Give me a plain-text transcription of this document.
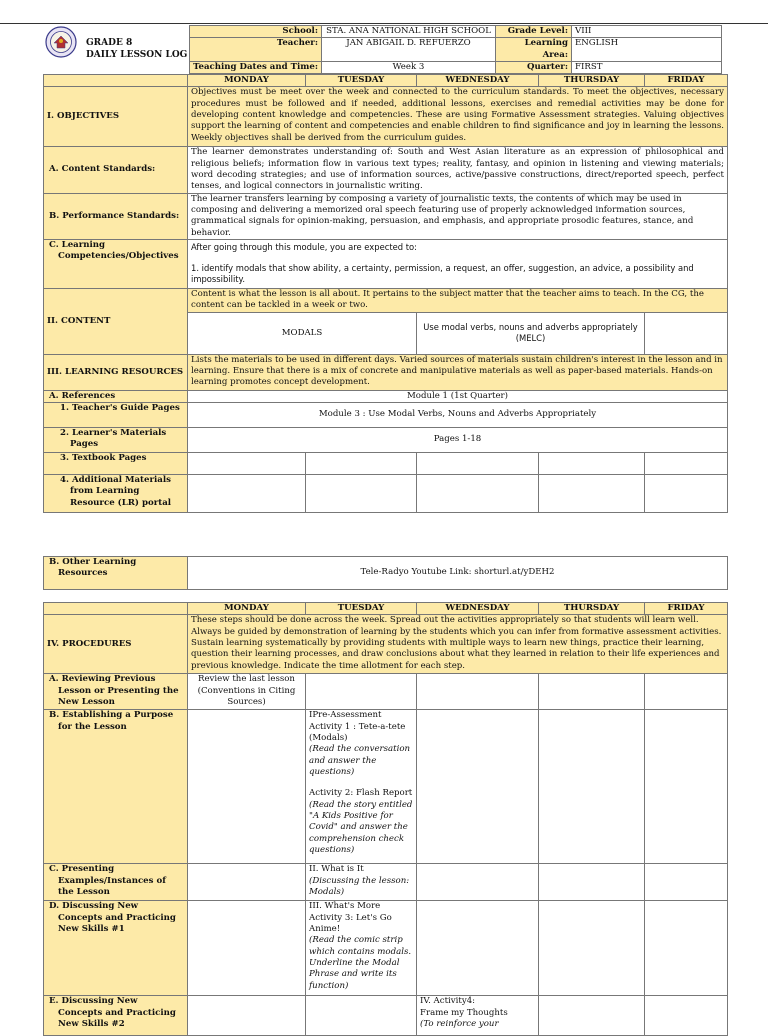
GRADE 8
DAILY LESSON LOG
School:	STA. ANA NATIONAL HIGH SCHOOL	Grade Level:	VIII
Teacher:	JAN ABIGAIL D. REFUERZO	Learning Area:	ENGLISH
Teaching Dates and Time:	Week 3	Quarter:	FIRST
	MONDAY	TUESDAY	WEDNESDAY	THURSDAY	FRIDAY	
I. OBJECTIVES	Objectives must be meet over the week and connected to the curriculum standards. To meet the objectives, necessary procedures must be followed and if needed, additional lessons, exercises and remedial activities may be done for developing content knowledge and competencies. These are using Formative Assessment strategies. Valuing objectives support the learning of content and competencies and enable children to find significance and joy in learning the lessons. Weekly objectives shall be derived from the curriculum guides.					
A. Content Standards:	The learner demonstrates understanding of: South and West Asian literature as an expression of philosophical and religious beliefs; information flow in various text types; reality, fantasy, and opinion in listening and viewing materials; word decoding strategies; and use of information sources, active/passive constructions, direct/reported speech, perfect tenses, and logical connectors in journalistic writing.					
B. Performance Standards:	The learner transfers learning by composing a variety of journalistic texts, the contents of which may be used in composing and delivering a memorized oral speech featuring use of properly acknowledged information sources, grammatical signals for opinion-making, persuasion, and emphasis, and appropriate prosodic features, stance, and behavior.					
C. Learning Competencies/Objectives	After going through this module, you are expected to:
1. identify modals that show ability, a certainty, permission, a request, an offer, suggestion, an advice, a possibility and impossibility.					

II. CONTENT	Content is what the lesson is all about. It pertains to the subject matter that the teacher aims to teach. In the CG, the content can be tackled in a week or two.					
	MODALS		Use modal verbs, nouns and adverbs appropriately (MELC)			
III. LEARNING RESOURCES	Lists the materials to be used in different days. Varied sources of materials sustain children's interest in the lesson and in learning. Ensure that there is a mix of concrete and manipulative materials as well as paper-based materials. Hands-on learning promotes concept development.					
A. References	Module 1 (1st Quarter)					
1. Teacher's Guide Pages	Module 3 : Use Modal Verbs, Nouns and Adverbs Appropriately					
2. Learner's Materials Pages	Pages 1-18					
3. Textbook Pages						
4. Additional Materials from Learning Resource (LR) portal						
B. Other Learning Resources	Tele-Radyo Youtube Link: shorturl.at/yDEH2
	MONDAY	TUESDAY	WEDNESDAY	THURSDAY	FRIDAY
IV. PROCEDURES	These steps should be done across the week. Spread out the activities appropriately so that students will learn well. Always be guided by demonstration of learning by the students which you can infer from formative assessment activities. Sustain learning systematically by providing students with multiple ways to learn new things, practice their learning, question their learning processes, and draw conclusions about what they learned in relation to their life experiences and previous knowledge. Indicate the time allotment for each step.				
A. Reviewing Previous Lesson or Presenting the New Lesson	Review the last lesson (Conventions in Citing Sources)				
B. Establishing a Purpose for the Lesson		IPre-Assessment
Activity 1 : Tete-a-tete (Modals)
(Read the conversation and answer the questions)
Activity 2: Flash Report
(Read the story entitled "A Kids Positive for Covid" and answer the comprehension check questions)			

C. Presenting Examples/Instances of the Lesson		II. What is It
(Discussing the lesson: Modals)			

D. Discussing New Concepts and Practicing New Skills #1		III. What's More
Activity 3: Let's Go Anime!
(Read the comic strip which contains modals. Underline the Modal Phrase and write its function)			

E. Discussing New Concepts and Practicing New Skills #2			IV. Activity4:
Frame my Thoughts
(To reinforce your		
